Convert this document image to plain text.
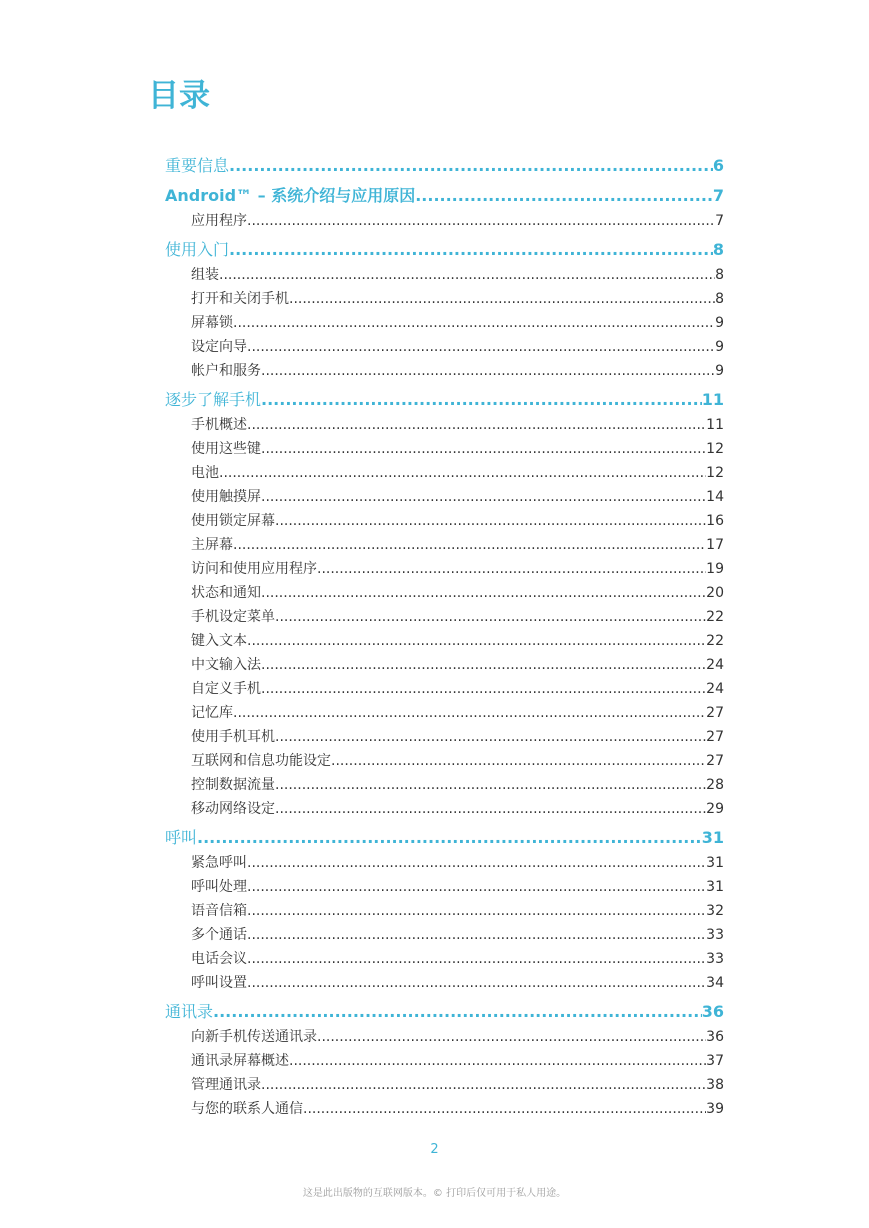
目录
重要信息 .....	6
Android™ – 系统介绍与应用原因 .....	7
应用程序 .....	7
使用入门 .....	8
组装 .....	8
打开和关闭手机 .....	8
屏幕锁 .....	9
设定向导 .....	9
帐户和服务 .....	9
逐步了解手机 .....	11
手机概述 .....	11
使用这些键 .....	12
电池 .....	12
使用触摸屏 .....	14
使用锁定屏幕 .....	16
主屏幕 .....	17
访问和使用应用程序 .....	19
状态和通知 .....	20
手机设定菜单 .....	22
键入文本 .....	22
中文输入法 .....	24
自定义手机 .....	24
记忆库 .....	27
使用手机耳机 .....	27
互联网和信息功能设定 .....	27
控制数据流量 .....	28
移动网络设定 .....	29
呼叫 .....	31
紧急呼叫 .....	31
呼叫处理 .....	31
语音信箱 .....	32
多个通话 .....	33
电话会议 .....	33
呼叫设置 .....	34
通讯录 .....	36
向新手机传送通讯录 .....	36
通讯录屏幕概述 .....	37
管理通讯录 .....	38
与您的联系人通信 .....	39
2
这是此出版物的互联网版本。© 打印后仅可用于私人用途。
